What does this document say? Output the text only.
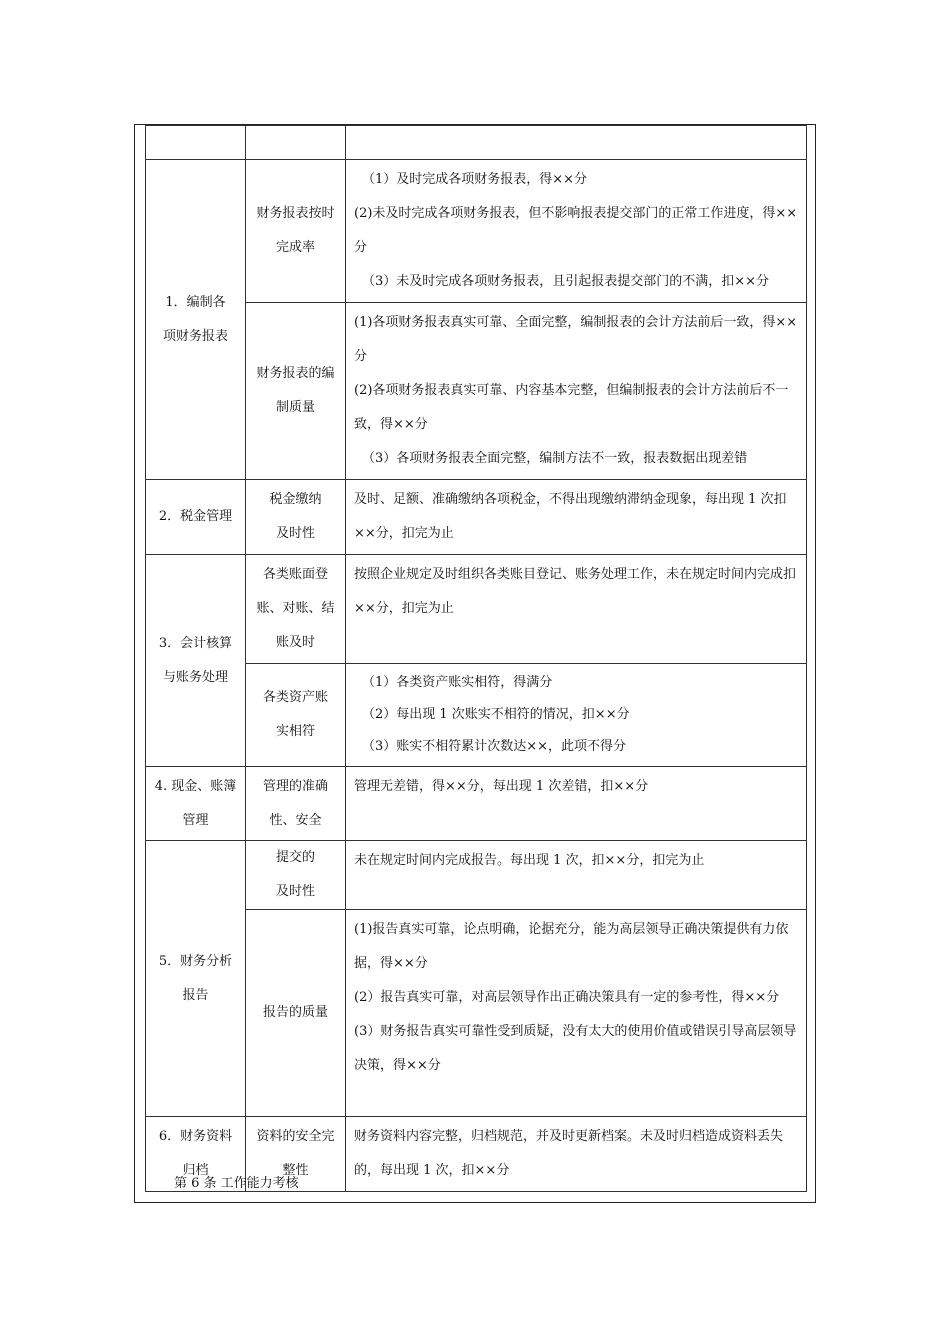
1．编制各项财务报表	财务报表按时完成率	（1）及时完成各项财务报表，得××分
(2)未及时完成各项财务报表，但不影响报表提交部门的正常工作进度，得××分
（3）未及时完成各项财务报表，且引起报表提交部门的不满，扣××分

	财务报表的编制质量	(1)各项财务报表真实可靠、全面完整，编制报表的会计方法前后一致，得××分
(2)各项财务报表真实可靠、内容基本完整，但编制报表的会计方法前后不一致，得××分
（3）各项财务报表全面完整，编制方法不一致，报表数据出现差错

2．税金管理	税金缴纳及时性	及时、足额、准确缴纳各项税金，不得出现缴纳滞纳金现象，每出现 1 次扣××分，扣完为止

3．会计核算与账务处理	各类账面登账、对账、结账及时	按照企业规定及时组织各类账目登记、账务处理工作，未在规定时间内完成扣××分，扣完为止

	各类资产账实相符	（1）各类资产账实相符，得满分
（2）每出现 1 次账实不相符的情况，扣××分
（3）账实不相符累计次数达××，此项不得分

4. 现金、账簿管理	管理的准确性、安全	管理无差错，得××分，每出现 1 次差错，扣××分

5．财务分析报告	提交的及时性	未在规定时间内完成报告。每出现 1 次，扣××分，扣完为止

	报告的质量	(1)报告真实可靠，论点明确，论据充分，能为高层领导正确决策提供有力依据，得××分
(2）报告真实可靠，对高层领导作出正确决策具有一定的参考性，得××分
(3）财务报告真实可靠性受到质疑，没有太大的使用价值或错误引导高层领导决策，得××分

6．财务资料归档	资料的安全完整性	财务资料内容完整，归档规范，并及时更新档案。未及时归档造成资料丢失的，每出现 1 次，扣××分
第 6 条 工作能力考核
